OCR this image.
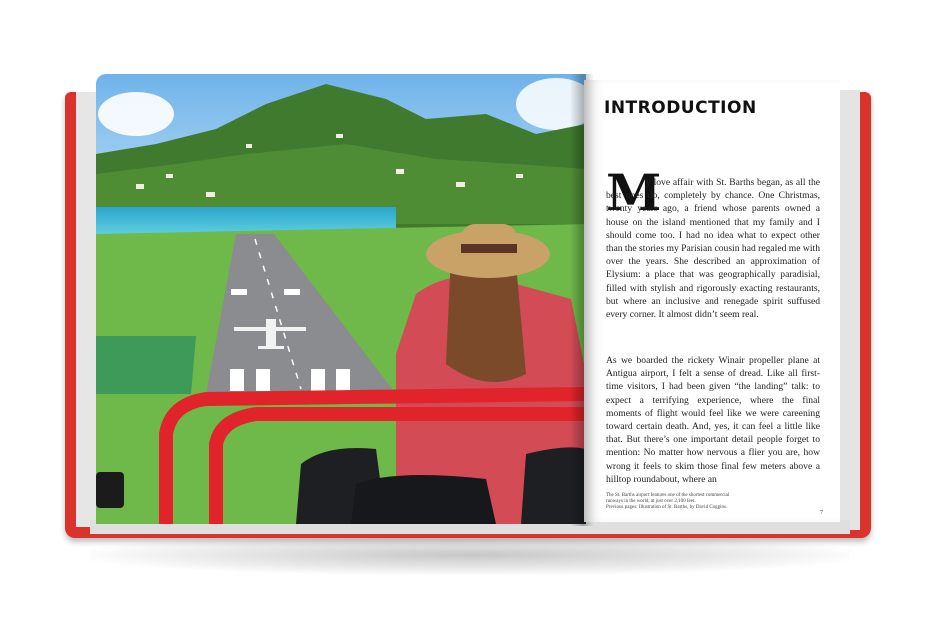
INTRODUCTION
M

y love affair with St. Barths began, as all the best ones do, completely by chance. One Christmas, twenty years ago, a friend whose parents owned a house on the island mentioned that my family and I should come too. I had no idea what to expect other than the stories my Parisian cousin had regaled me with over the years. She described an approximation of Elysium: a place that was geographically paradisial, filled with stylish and rigorously exacting restaurants, but where an inclusive and renegade spirit suffused every corner. It almost didn’t seem real.

As we boarded the rickety Winair propeller plane at Antigua airport, I felt a sense of dread. Like all first-time visitors, I had been given “the landing” talk: to expect a terrifying experience, where the final moments of flight would feel like we were careening toward certain death. And, yes, it can feel a little like that. But there’s one important detail people forget to mention: No matter how nervous a flier you are, how wrong it feels to skim those final few meters above a hilltop roundabout, where an

The St. Barths airport features one of the shortest commercial
runways in the world, at just over 2,100 feet.
Previous pages: Illustration of St. Barths, by David Coggins.

7
